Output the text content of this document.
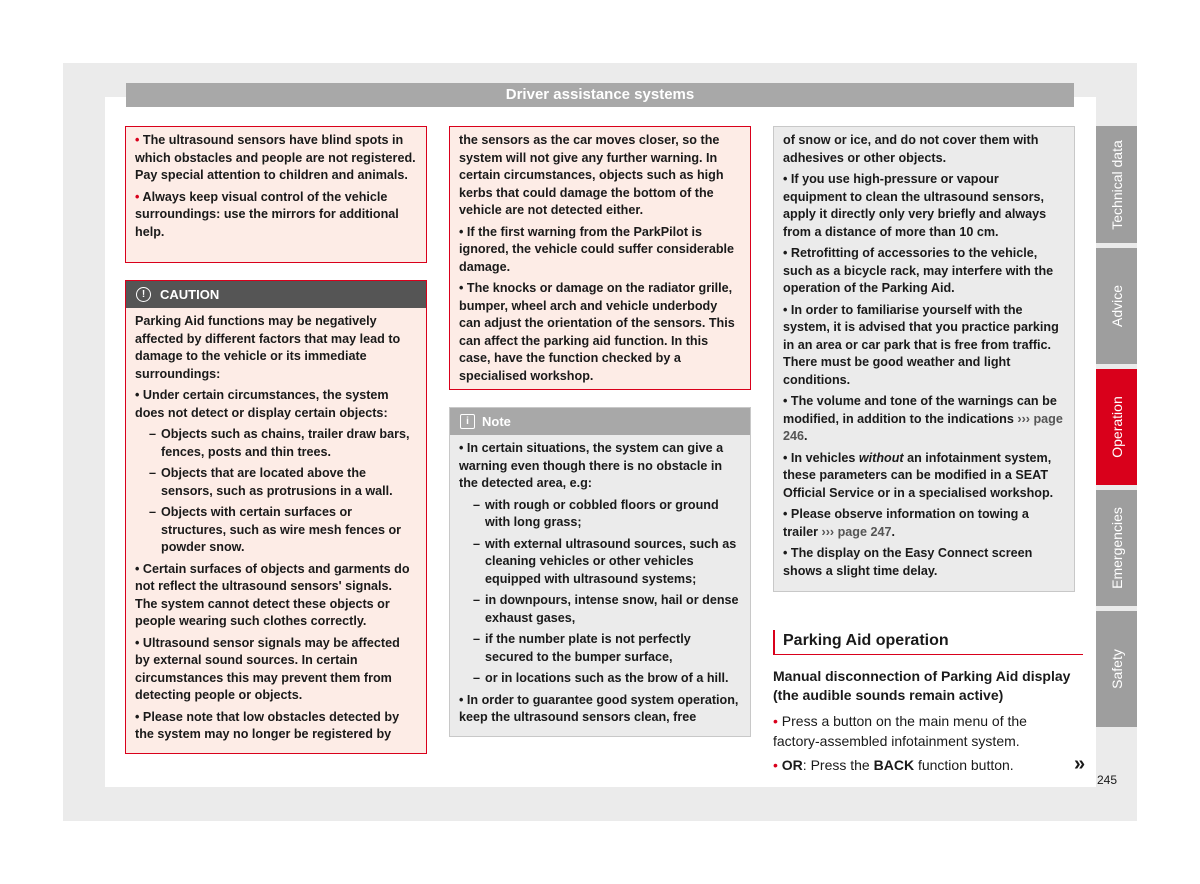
Driver assistance systems

• The ultrasound sensors have blind spots in which obstacles and people are not registered. Pay special attention to children and animals.

• Always keep visual control of the vehicle surroundings: use the mirrors for additional help.

!	CAUTION

Parking Aid functions may be negatively affected by different factors that may lead to damage to the vehicle or its immediate surroundings:

• Under certain circumstances, the system does not detect or display certain objects:

– Objects such as chains, trailer draw bars, fences, posts and thin trees.
– Objects that are located above the sensors, such as protrusions in a wall.
– Objects with certain surfaces or structures, such as wire mesh fences or powder snow.

• Certain surfaces of objects and garments do not reflect the ultrasound sensors' signals. The system cannot detect these objects or people wearing such clothes correctly.

• Ultrasound sensor signals may be affected by external sound sources. In certain circumstances this may prevent them from detecting people or objects.

• Please note that low obstacles detected by the system may no longer be registered by

the sensors as the car moves closer, so the system will not give any further warning. In certain circumstances, objects such as high kerbs that could damage the bottom of the vehicle are not detected either.

• If the first warning from the ParkPilot is ignored, the vehicle could suffer considerable damage.

• The knocks or damage on the radiator grille, bumper, wheel arch and vehicle underbody can adjust the orientation of the sensors. This can affect the parking aid function. In this case, have the function checked by a specialised workshop.

i	Note

• In certain situations, the system can give a warning even though there is no obstacle in the detected area, e.g:

– with rough or cobbled floors or ground with long grass;
– with external ultrasound sources, such as cleaning vehicles or other vehicles equipped with ultrasound systems;
– in downpours, intense snow, hail or dense exhaust gases,
– if the number plate is not perfectly secured to the bumper surface,
– or in locations such as the brow of a hill.

• In order to guarantee good system operation, keep the ultrasound sensors clean, free

of snow or ice, and do not cover them with adhesives or other objects.

• If you use high-pressure or vapour equipment to clean the ultrasound sensors, apply it directly only very briefly and always from a distance of more than 10 cm.

• Retrofitting of accessories to the vehicle, such as a bicycle rack, may interfere with the operation of the Parking Aid.

• In order to familiarise yourself with the system, it is advised that you practice parking in an area or car park that is free from traffic. There must be good weather and light conditions.

• The volume and tone of the warnings can be modified, in addition to the indications ››› page 246.

• In vehicles without an infotainment system, these parameters can be modified in a SEAT Official Service or in a specialised workshop.

• Please observe information on towing a trailer ››› page 247.

• The display on the Easy Connect screen shows a slight time delay.

Parking Aid operation
Manual disconnection of Parking Aid display (the audible sounds remain active)
• Press a button on the main menu of the factory-assembled infotainment system.
• OR: Press the BACK function button.	»
Technical data
Advice
Operation
Emergencies
Safety
245
